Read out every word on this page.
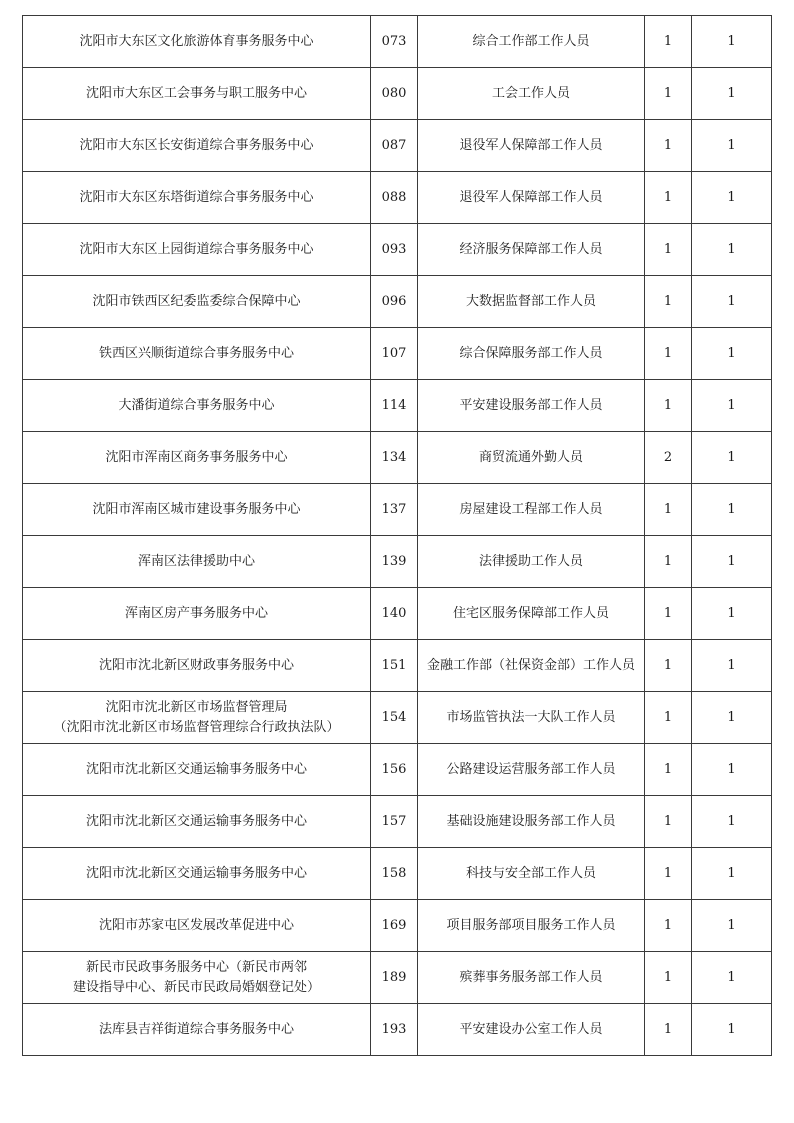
沈阳市大东区文化旅游体育事务服务中心	073	综合工作部工作人员	1	1
沈阳市大东区工会事务与职工服务中心	080	工会工作人员	1	1
沈阳市大东区长安街道综合事务服务中心	087	退役军人保障部工作人员	1	1
沈阳市大东区东塔街道综合事务服务中心	088	退役军人保障部工作人员	1	1
沈阳市大东区上园街道综合事务服务中心	093	经济服务保障部工作人员	1	1
沈阳市铁西区纪委监委综合保障中心	096	大数据监督部工作人员	1	1
铁西区兴顺街道综合事务服务中心	107	综合保障服务部工作人员	1	1
大潘街道综合事务服务中心	114	平安建设服务部工作人员	1	1
沈阳市浑南区商务事务服务中心	134	商贸流通外勤人员	2	1
沈阳市浑南区城市建设事务服务中心	137	房屋建设工程部工作人员	1	1
浑南区法律援助中心	139	法律援助工作人员	1	1
浑南区房产事务服务中心	140	住宅区服务保障部工作人员	1	1
沈阳市沈北新区财政事务服务中心	151	金融工作部（社保资金部）工作人员	1	1
沈阳市沈北新区市场监督管理局
（沈阳市沈北新区市场监督管理综合行政执法队）	154	市场监管执法一大队工作人员	1	1
沈阳市沈北新区交通运输事务服务中心	156	公路建设运营服务部工作人员	1	1
沈阳市沈北新区交通运输事务服务中心	157	基础设施建设服务部工作人员	1	1
沈阳市沈北新区交通运输事务服务中心	158	科技与安全部工作人员	1	1
沈阳市苏家屯区发展改革促进中心	169	项目服务部项目服务工作人员	1	1
新民市民政事务服务中心（新民市两邻
建设指导中心、新民市民政局婚姻登记处）	189	殡葬事务服务部工作人员	1	1
法库县吉祥街道综合事务服务中心	193	平安建设办公室工作人员	1	1
